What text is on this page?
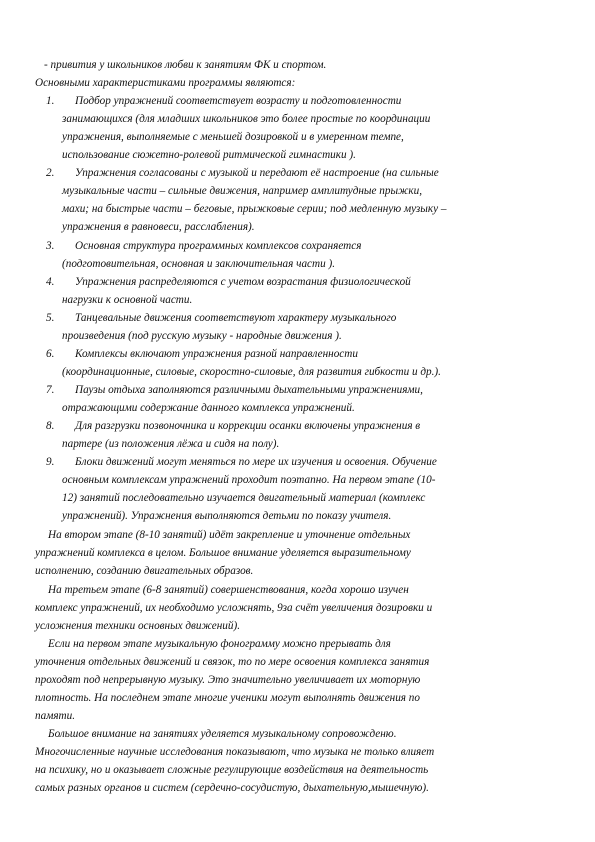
- привития у школьников любви к занятиям ФК и спортом.
Основными характеристиками программы являются:
1. Подбор упражнений соответствует возрасту и подготовленности
занимающихся (для младших школьников это более простые по координации
упражнения, выполняемые с меньшей дозировкой и в умеренном темпе,
использование сюжетно-ролевой ритмической гимнастики ).
2. Упражнения согласованы с музыкой и передают её настроение (на сильные
музыкальные части – сильные движения, например амплитудные прыжки,
махи; на быстрые части – беговые, прыжковые серии; под медленную музыку –
упражнения в равновеси, расслабления).
3. Основная структура программных комплексов сохраняется
(подготовительная, основная и заключительная части ).
4. Упражнения распределяются с учетом возрастания физиологической
нагрузки к основной части.
5. Танцевальные движения соответствуют характеру музыкального
произведения (под русскую музыку - народные движения ).
6. Комплексы включают упражнения разной направленности
(координационные, силовые, скоростно-силовые, для развития гибкости и др.).
7. Паузы отдыха заполняются различными дыхательными упражнениями,
отражающими содержание данного комплекса упражнений.
8. Для разгрузки позвоночника и коррекции осанки включены упражнения в
партере (из положения лёжа и сидя на полу).
9. Блоки движений могут меняться по мере их изучения и освоения. Обучение
основным комплексам упражнений проходит поэтапно. На первом этапе (10-
12) занятий последовательно изучается двигательный материал (комплекс
упражнений). Упражнения выполняются детьми по показу учителя.
На втором этапе (8-10 занятий) идёт закрепление и уточнение отдельных
упражнений комплекса в целом. Большое внимание уделяется выразительному
исполнению, созданию двигательных образов.
На третьем этапе (6-8 занятий) совершенствования, когда хорошо изучен
комплекс упражнений, их необходимо усложнять, 9за счёт увеличения дозировки и
усложнения техники основных движений).
Если на первом этапе музыкальную фонограмму можно прерывать для
уточнения отдельных движений и связок, то по мере освоения комплекса занятия
проходят под непрерывную музыку. Это значительно увеличивает их моторную
плотность. На последнем этапе многие ученики могут выполнять движения по
памяти.
Большое внимание на занятиях уделяется музыкальному сопровожденю.
Многочисленные научные исследования показывают, что музыка не только влияет
на психику, но и оказывает сложные регулирующие воздействия на деятельность
самых разных органов и систем (сердечно-сосудистую, дыхательную,мышечную).
